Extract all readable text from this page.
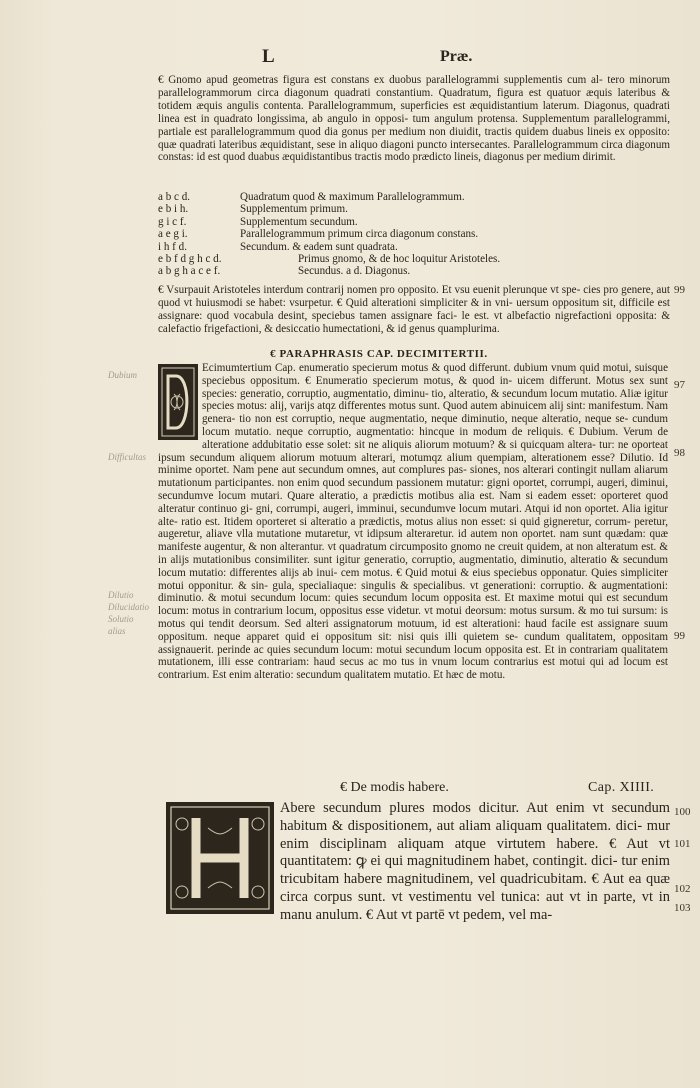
L	Præ.

€ Gnomo apud geometras figura est constans ex duobus parallelogrammi supplementis cum al- tero minorum parallelogrammorum circa diagonum quadrati constantium. Quadratum, figura est quatuor æquis lateribus & totidem æquis angulis contenta. Parallelogrammum, superficies est æquidistantium laterum. Diagonus, quadrati linea est in quadrato longissima, ab angulo in opposi- tum angulum protensa. Supplementum parallelogrammi, partiale est parallelogrammum quod dia gonus per medium non diuidit, tractis quidem duabus lineis ex opposito: quæ quadrati lateribus æquidistant, sese in aliquo diagoni puncto intersecantes. Parallelogrammum circa diagonum constas: id est quod duabus æquidistantibus tractis modo prædicto lineis, diagonus per medium dirimit.

a b c d.	Quadratum quod & maximum Parallelogrammum.
e b i h.	Supplementum primum.
g i c f.	Supplementum secundum.
a e g i.	Parallelogrammum primum circa diagonum constans.
i h f d.	Secundum. & eadem sunt quadrata.
e b f d g h c d.	Primus gnomo, & de hoc loquitur Aristoteles.
a b g h a c e f.	Secundus. a d. Diagonus.

€ Vsurpauit Aristoteles interdum contrarij nomen pro opposito. Et vsu euenit plerunque vt spe- cies pro genere, aut quod vt huiusmodi se habet: vsurpetur. € Quid alterationi simpliciter & in vni- uersum oppositum sit, difficile est assignare: quod vocabula desint, speciebus tamen assignare faci- le est. vt albefactio nigrefactioni opposita: & calefactio frigefactioni, & desiccatio humectationi, & id genus quamplurima.

€ PARAPHRASIS CAP. DECIMITERTII.
Ecimumtertium Cap. enumeratio specierum motus & quod differunt. dubium vnum quid motui, suisque speciebus oppositum. € Enumeratio specierum motus, & quod in- uicem differunt. Motus sex sunt species: generatio, corruptio, augmentatio, diminu- tio, alteratio, & secundum locum mutatio. Aliæ igitur species motus: alij, varijs atqz differentes motus sunt. Quod autem abinuicem alij sint: manifestum. Nam genera- tio non est corruptio, neque augmentatio, neque diminutio, neque alteratio, neque se- cundum locum mutatio. neque corruptio, augmentatio: hincque in modum de reliquis. € Dubium. Verum de alteratione addubitatio esse solet: sit ne aliquis aliorum motuum? & si quicquam altera- tur: ne oporteat ipsum secundum aliquem aliorum motuum alterari, motumqz alium quempiam, alterationem esse? Dilutio. Id minime oportet. Nam pene aut secundum omnes, aut complures pas- siones, nos alterari contingit nullam aliarum mutationum participantes. non enim quod secundum passionem mutatur: gigni oportet, corrumpi, augeri, diminui, secundumve locum mutari. Quare alteratio, a prædictis motibus alia est. Nam si eadem esset: oporteret quod alteratur continuo gi- gni, corrumpi, augeri, imminui, secundumve locum mutari. Atqui id non oportet. Alia igitur alte- ratio est. Itidem oporteret si alteratio a prædictis, motus alius non esset: si quid gigneretur, corrum- peretur, augeretur, aliave vlla mutatione mutaretur, vt idipsum alteraretur. id autem non oportet. nam sunt quædam: quæ manifeste augentur, & non alterantur. vt quadratum circumposito gnomo ne creuit quidem, at non alteratum est. & in alijs mutationibus consimiliter. sunt igitur generatio, corruptio, augmentatio, diminutio, alteratio & secundum locum mutatio: differentes alijs ab inui- cem motus. € Quid motui & eius speciebus opponatur. Quies simpliciter motui opponitur. & sin- gula, specialiaque: singulis & specialibus. vt generationi: corruptio. & augmentationi: diminutio. & motui secundum locum: quies secundum locum opposita est. Et maxime motui qui est secundum locum: motus in contrarium locum, oppositus esse videtur. vt motui deorsum: motus sursum. & mo tui sursum: is motus qui tendit deorsum. Sed alteri assignatorum motuum, id est alterationi: haud facile est assignare suum oppositum. neque apparet quid ei oppositum sit: nisi quis illi quietem se- cundum qualitatem, oppositam assignauerit. perinde ac quies secundum locum: motui secundum locum opposita est. Et in contrariam qualitatem mutationem, illi esse contrariam: haud secus ac mo tus in vnum locum contrarius est motui qui ad locum est contrarium. Est enim alteratio: secundum qualitatem mutatio. Et hæc de motu.
€ De modis habere.	Cap. XIIII.
Abere secundum plures modos dicitur. Aut enim vt secundum habitum & dispositionem, aut aliam aliquam qualitatem. dici- mur enim disciplinam aliquam atque virtutem habere. € Aut vt quantitatem: ꝙ ei qui magnitudinem habet, contingit. dici- tur enim tricubitam habere magnitudinem, vel quadricubitam. € Aut ea quæ circa corpus sunt. vt vestimentu vel tunica: aut vt in parte, vt in manu anulum. € Aut vt partē vt pedem, vel ma-
99
97
98
99
100
101
102
103
Dubium
Difficultas
Dilutio
Dilucidatio
Solutio
alias
